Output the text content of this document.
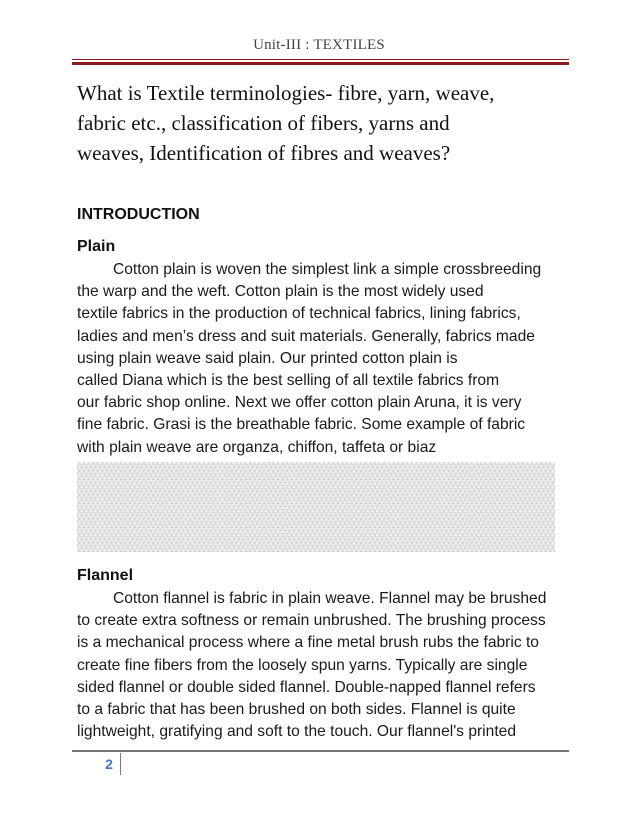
Unit-III : TEXTILES
What is Textile terminologies- fibre, yarn, weave,
fabric etc., classification of fibers, yarns and
weaves, Identification of fibres and weaves?
INTRODUCTION
Plain

Cotton plain is woven the simplest link a simple crossbreeding
the warp and the weft. Cotton plain is the most widely used
textile fabrics in the production of technical fabrics, lining fabrics,
ladies and men’s dress and suit materials. Generally, fabrics made
using plain weave said plain. Our printed cotton plain is
called Diana which is the best selling of all textile fabrics from
our fabric shop online. Next we offer cotton plain Aruna, it is very
fine fabric. Grasi is the breathable fabric. Some example of fabric
with plain weave are organza, chiffon, taffeta or biaz

Flannel

Cotton flannel is fabric in plain weave. Flannel may be brushed
to create extra softness or remain unbrushed. The brushing process
is a mechanical process where a fine metal brush rubs the fabric to
create fine fibers from the loosely spun yarns. Typically are single
sided flannel or double sided flannel. Double-napped flannel refers
to a fabric that has been brushed on both sides. Flannel is quite
lightweight, gratifying and soft to the touch. Our flannel's printed

2
